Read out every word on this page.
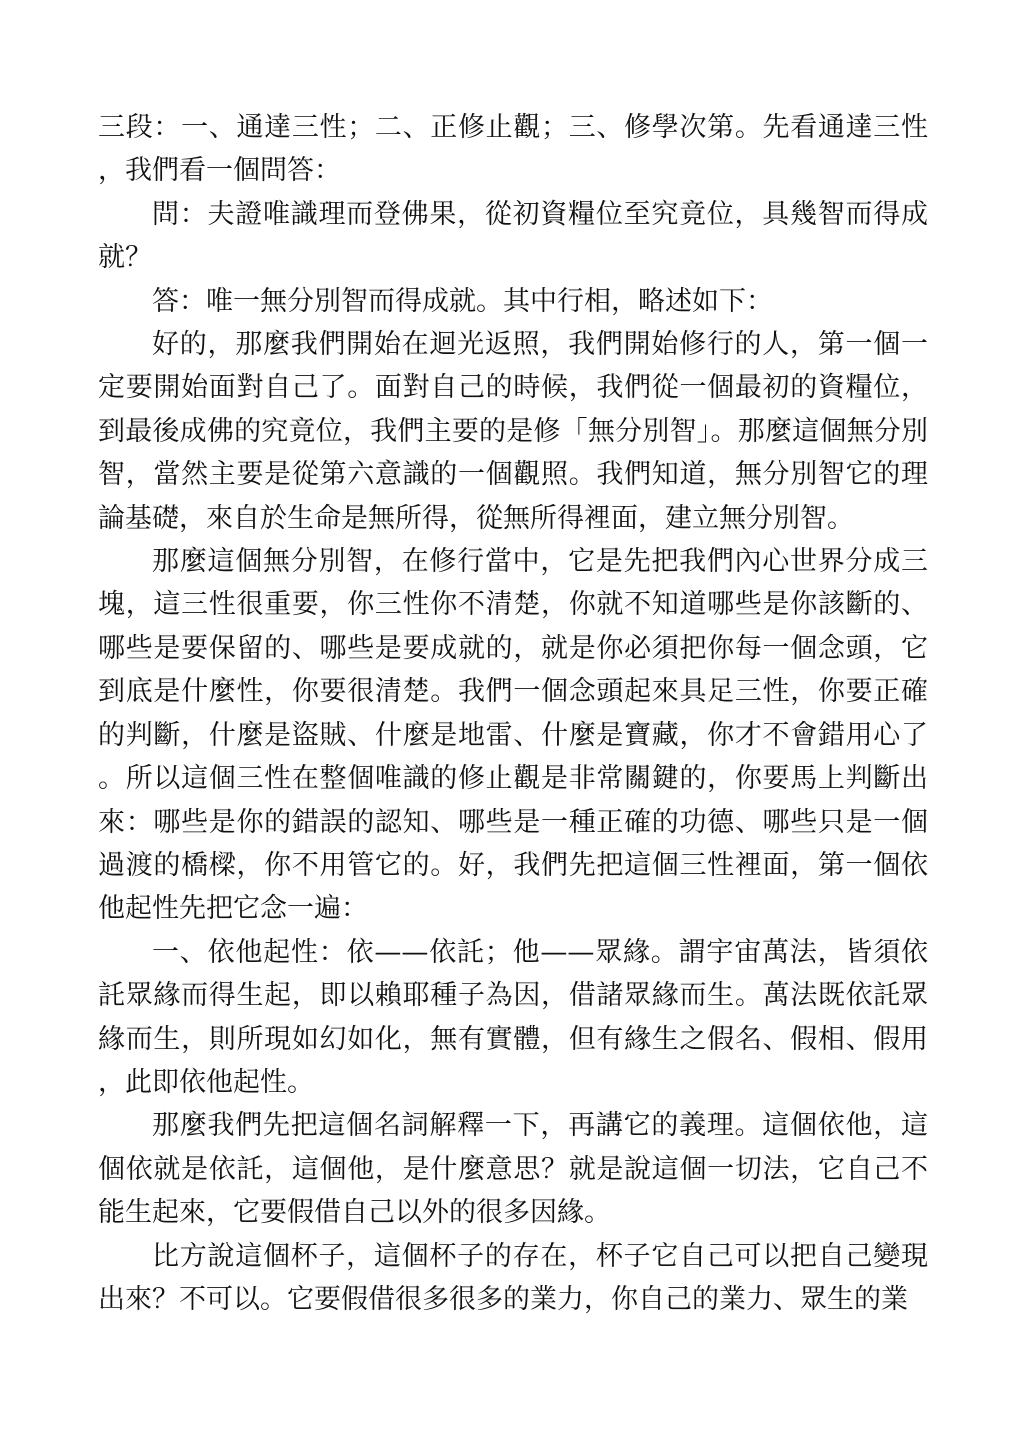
三段：一、通達三性；二、正修止觀；三、修學次第。先看通達三性，我們看一個問答：

問：夫證唯識理而登佛果，從初資糧位至究竟位，具幾智而得成就？

答：唯一無分別智而得成就。其中行相，略述如下：

好的，那麼我們開始在迴光返照，我們開始修行的人，第一個一定要開始面對自己了。面對自己的時候，我們從一個最初的資糧位，到最後成佛的究竟位，我們主要的是修「無分別智」。那麼這個無分別智，當然主要是從第六意識的一個觀照。我們知道，無分別智它的理論基礎，來自於生命是無所得，從無所得裡面，建立無分別智。

那麼這個無分別智，在修行當中，它是先把我們內心世界分成三塊，這三性很重要，你三性你不清楚，你就不知道哪些是你該斷的、哪些是要保留的、哪些是要成就的，就是你必須把你每一個念頭，它到底是什麼性，你要很清楚。我們一個念頭起來具足三性，你要正確的判斷，什麼是盜賊、什麼是地雷、什麼是寶藏，你才不會錯用心了。所以這個三性在整個唯識的修止觀是非常關鍵的，你要馬上判斷出來：哪些是你的錯誤的認知、哪些是一種正確的功德、哪些只是一個過渡的橋樑，你不用管它的。好，我們先把這個三性裡面，第一個依他起性先把它念一遍：

一、依他起性：依——依託；他——眾緣。謂宇宙萬法，皆須依託眾緣而得生起，即以賴耶種子為因，借諸眾緣而生。萬法既依託眾緣而生，則所現如幻如化，無有實體，但有緣生之假名、假相、假用，此即依他起性。

那麼我們先把這個名詞解釋一下，再講它的義理。這個依他，這個依就是依託，這個他，是什麼意思？就是說這個一切法，它自己不能生起來，它要假借自己以外的很多因緣。

比方說這個杯子，這個杯子的存在，杯子它自己可以把自己變現出來？不可以。它要假借很多很多的業力，你自己的業力、眾生的業
